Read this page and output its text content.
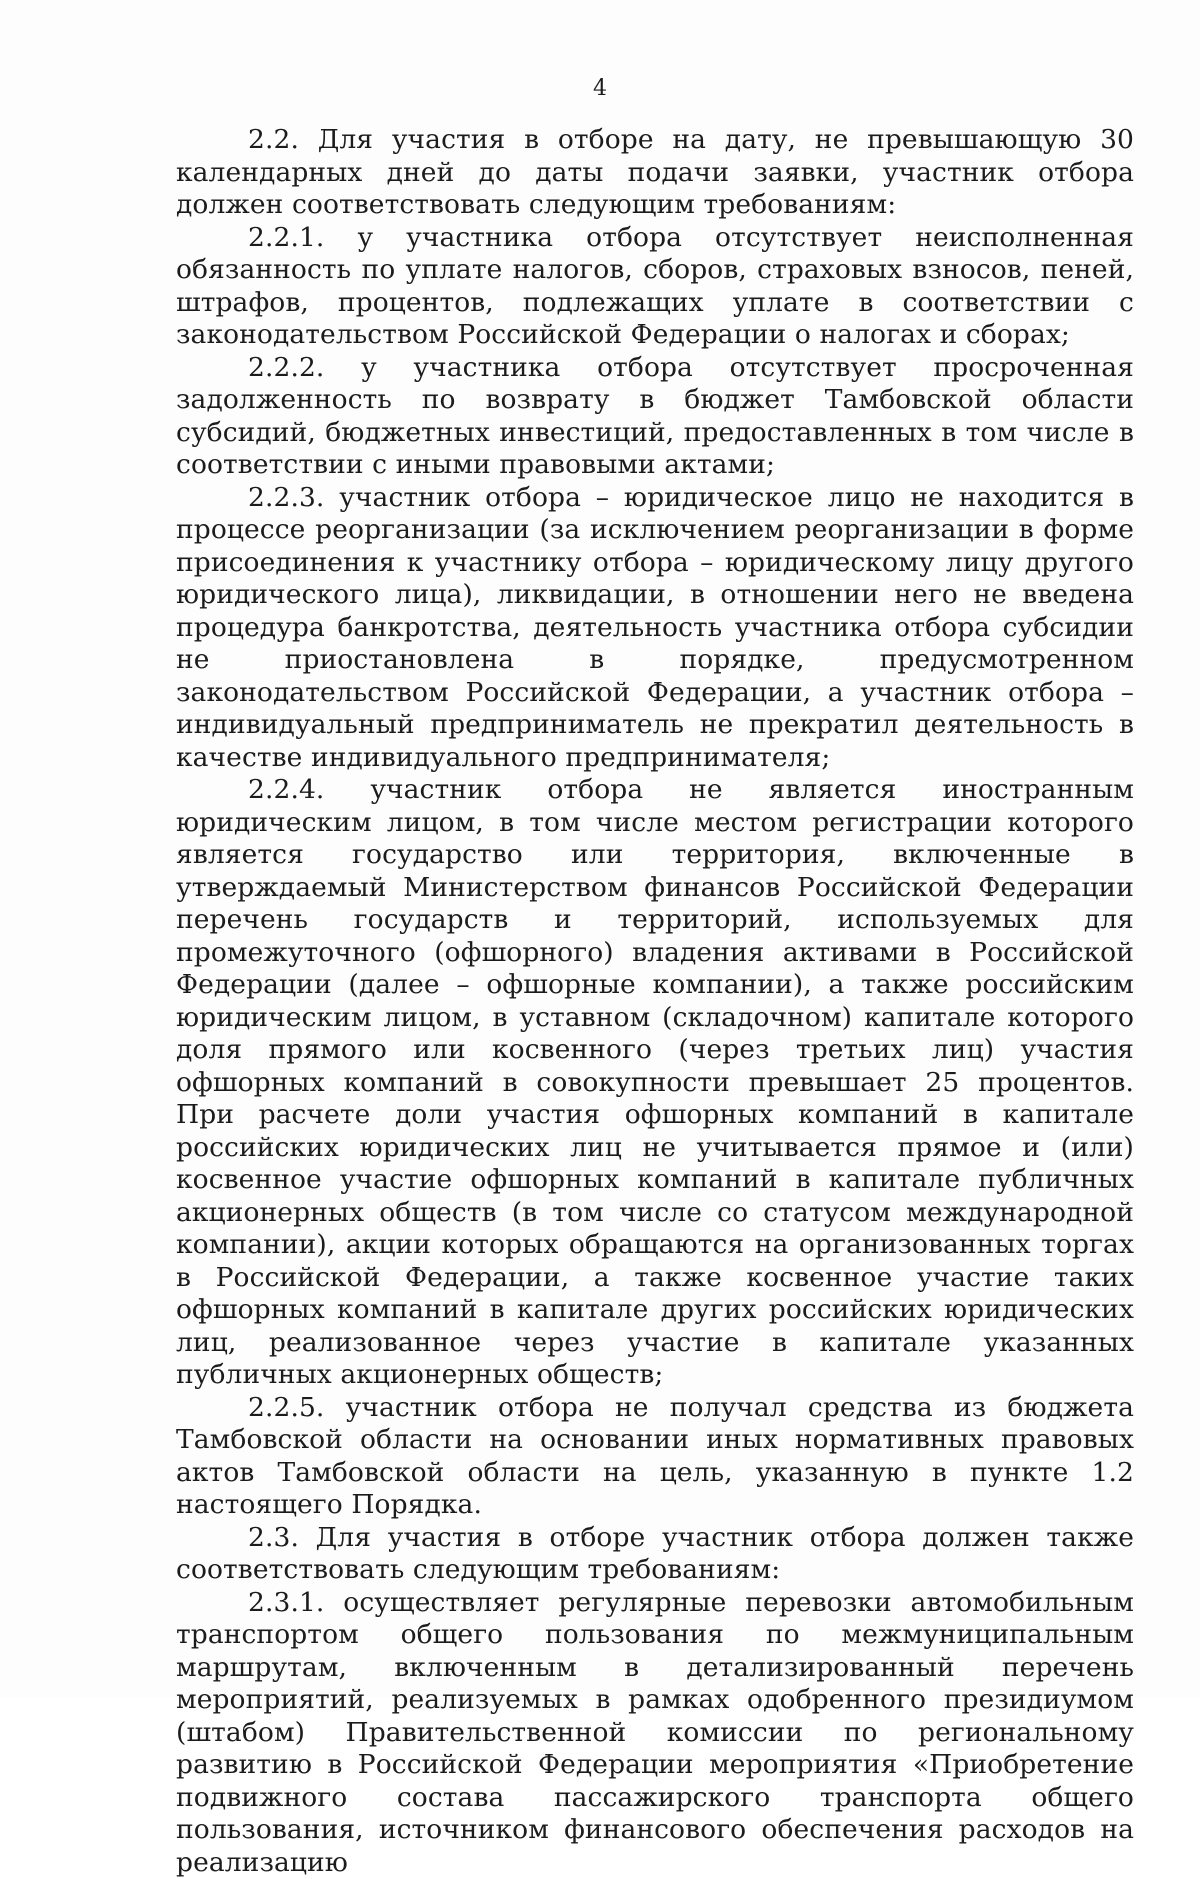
4

2.2. Для участия в отборе на дату, не превышающую 30 календарных дней до даты подачи заявки, участник отбора должен соответствовать следующим требованиям:

2.2.1. у участника отбора отсутствует неисполненная обязанность по уплате налогов, сборов, страховых взносов, пеней, штрафов, процентов, подлежащих уплате в соответствии с законодательством Российской Федерации о налогах и сборах;

2.2.2. у участника отбора отсутствует просроченная задолженность по возврату в бюджет Тамбовской области субсидий, бюджетных инвестиций, предоставленных в том числе в соответствии с иными правовыми актами;

2.2.3. участник отбора – юридическое лицо не находится в процессе реорганизации (за исключением реорганизации в форме присоединения к участнику отбора – юридическому лицу другого юридического лица), ликвидации, в отношении него не введена процедура банкротства, деятельность участника отбора субсидии не приостановлена в порядке, предусмотренном законодательством Российской Федерации, а участник отбора – индивидуальный предприниматель не прекратил деятельность в качестве индивидуального предпринимателя;

2.2.4. участник отбора не является иностранным юридическим лицом, в том числе местом регистрации которого является государство или территория, включенные в утверждаемый Министерством финансов Российской Федерации перечень государств и территорий, используемых для промежуточного (офшорного) владения активами в Российской Федерации (далее – офшорные компании), а также российским юридическим лицом, в уставном (складочном) капитале которого доля прямого или косвенного (через третьих лиц) участия офшорных компаний в совокупности превышает 25 процентов. При расчете доли участия офшорных компаний в капитале российских юридических лиц не учитывается прямое и (или) косвенное участие офшорных компаний в капитале публичных акционерных обществ (в том числе со статусом международной компании), акции которых обращаются на организованных торгах в Российской Федерации, а также косвенное участие таких офшорных компаний в капитале других российских юридических лиц, реализованное через участие в капитале указанных публичных акционерных обществ;

2.2.5. участник отбора не получал средства из бюджета Тамбовской области на основании иных нормативных правовых актов Тамбовской области на цель, указанную в пункте 1.2 настоящего Порядка.

2.3. Для участия в отборе участник отбора должен также соответствовать следующим требованиям:

2.3.1. осуществляет регулярные перевозки автомобильным транспортом общего пользования по межмуниципальным маршрутам, включенным в детализированный перечень мероприятий, реализуемых в рамках одобренного президиумом (штабом) Правительственной комиссии по региональному развитию в Российской Федерации мероприятия «Приобретение подвижного состава пассажирского транспорта общего пользования, источником финансового обеспечения расходов на реализацию
